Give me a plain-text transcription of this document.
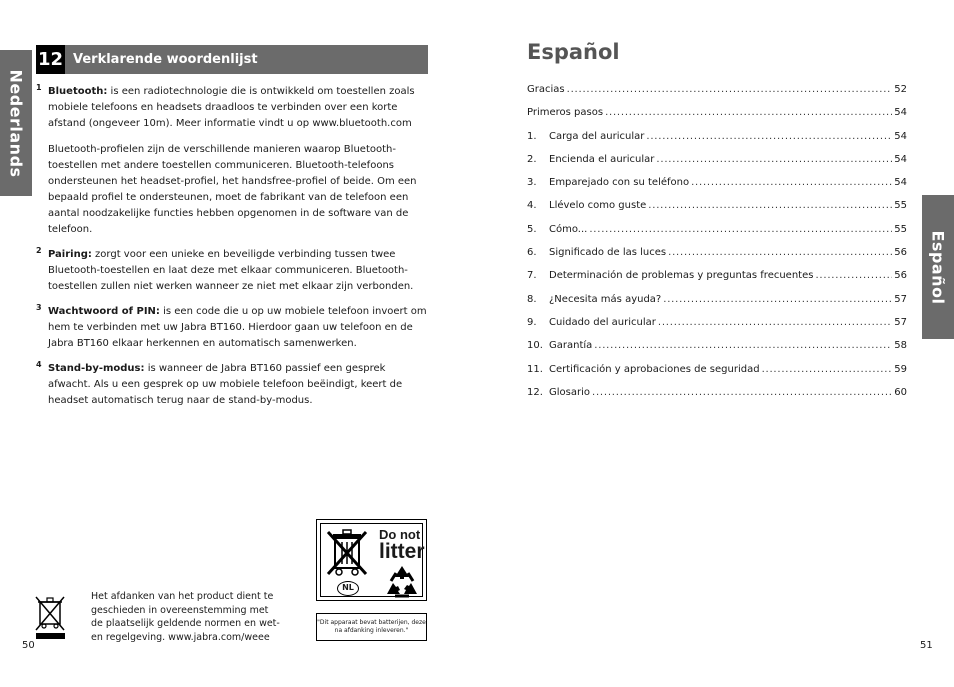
Nederlands
12 Verklarende woordenlijst
1 Bluetooth: is een radiotechnologie die is ontwikkeld om toestellen zoals mobiele telefoons en headsets draadloos te verbinden over een korte afstand (ongeveer 10m). Meer informatie vindt u op www.bluetooth.com

Bluetooth-profielen zijn de verschillende manieren waarop Bluetooth-toestellen met andere toestellen communiceren. Bluetooth-telefoons ondersteunen het headset-profiel, het handsfree-profiel of beide. Om een bepaald profiel te ondersteunen, moet de fabrikant van de telefoon een aantal noodzakelijke functies hebben opgenomen in de software van de telefoon.

2 Pairing: zorgt voor een unieke en beveiligde verbinding tussen twee Bluetooth-toestellen en laat deze met elkaar communiceren. Bluetooth-toestellen zullen niet werken wanneer ze niet met elkaar zijn verbonden.
3 Wachtwoord of PIN: is een code die u op uw mobiele telefoon invoert om hem te verbinden met uw Jabra BT160. Hierdoor gaan uw telefoon en de Jabra BT160 elkaar herkennen en automatisch samenwerken.
4 Stand-by-modus: is wanneer de Jabra BT160 passief een gesprek afwacht. Als u een gesprek op uw mobiele telefoon beëindigt, keert de headset automatisch terug naar de stand-by-modus.
Het afdanken van het product dient te geschieden in overeenstemming met de plaatselijk geldende normen en wet- en regelgeving. www.jabra.com/weee
NL
Do not
litter
"Dit apparaat bevat batterijen, deze na afdanking inleveren."
50
Español
Gracias . . .	52
Primeros pasos . . .	54
1.	Carga del auricular . . .	54
2.	Encienda el auricular . . .	54
3.	Emparejado con su teléfono . . .	54
4.	Llévelo como guste . . .	55
5.	Cómo... . . .	55
6.	Significado de las luces . . .	56
7.	Determinación de problemas y preguntas frecuentes . . .	56
8.	¿Necesita más ayuda? . . .	57
9.	Cuidado del auricular . . .	57
10. Garantía . . .	58
11. Certificación y aprobaciones de seguridad . . .	59
12. Glosario . . .	60
Español
51
